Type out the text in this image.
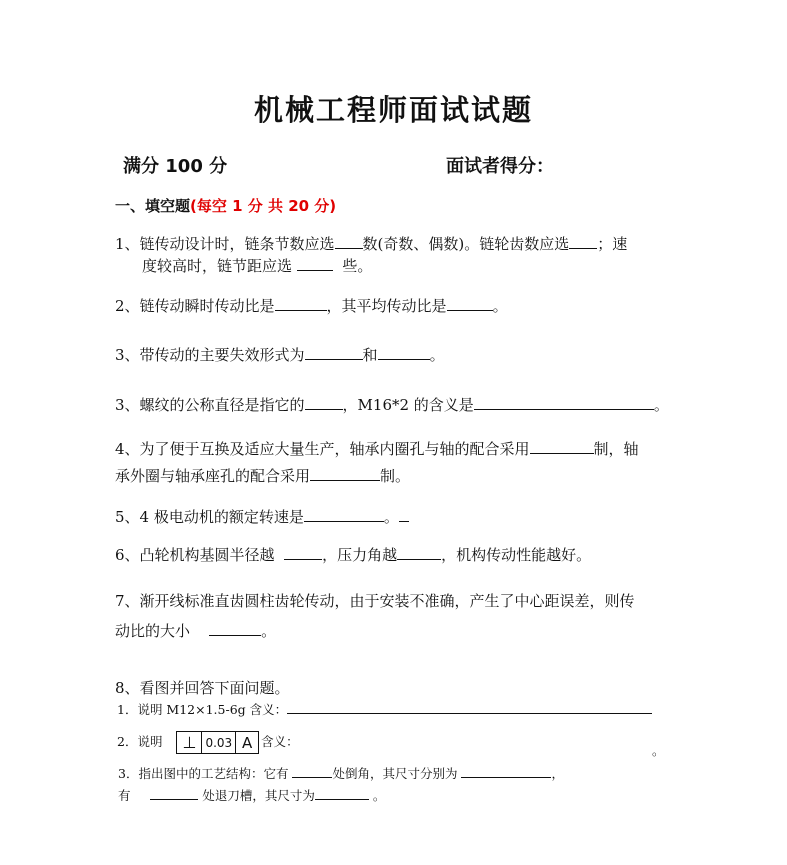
机械工程师面试试题
满分 100 分	面试者得分：
一、填空题(每空 1 分 共 20 分)
1、链传动设计时，链条节数应选 数(奇数、偶数)。链轮齿数应选 ；速
度较高时，链节距应选	些。
2、链传动瞬时传动比是	，其平均传动比是	。
3、带传动的主要失效形式为	和	。
3、螺纹的公称直径是指它的	，M16*2 的含义是	。
4、为了便于互换及适应大量生产，轴承内圈孔与轴的配合采用	制，轴
承外圈与轴承座孔的配合采用	制。
5、4 极电动机的额定转速是	。
6、凸轮机构基圆半径越	，压力角越	，机构传动性能越好。
7、渐开线标准直齿圆柱齿轮传动，由于安装不准确，产生了中心距误差，则传
动比的大小	。
8、看图并回答下面问题。
1．说明 M12×1.5-6g 含义：
2．说明	⊥ 0.03 A 含义：
。
3．指出图中的工艺结构：它有	处倒角，其尺寸分别为	，
有	处退刀槽，其尺寸为	。
